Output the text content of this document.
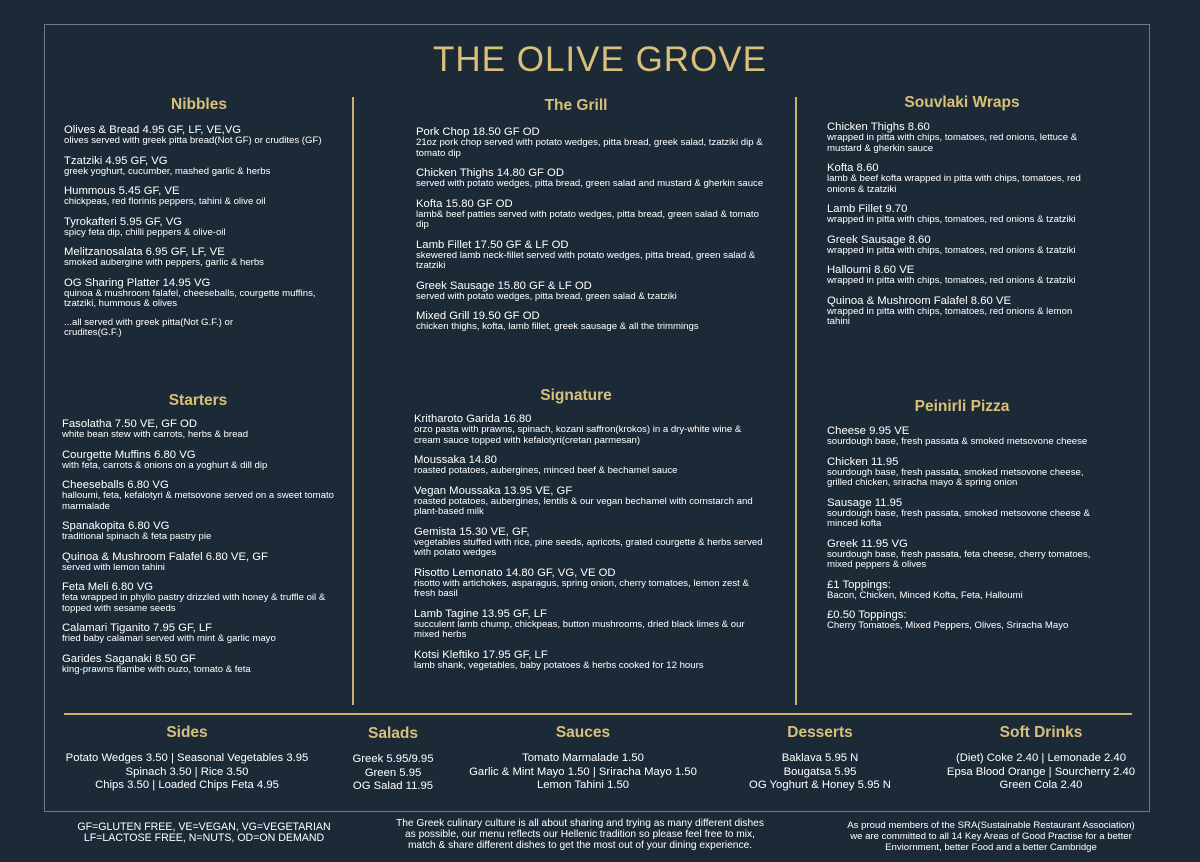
THE OLIVE GROVE
Nibbles
Olives & Bread 4.95 GF, LF, VE,VG
olives served with greek pitta bread(Not GF) or crudites (GF)
Tzatziki 4.95 GF, VG
greek yoghurt, cucumber, mashed garlic & herbs
Hummous 5.45 GF, VE
chickpeas, red florinis peppers, tahini & olive oil
Tyrokafteri 5.95 GF, VG
spicy feta dip, chilli peppers & olive-oil
Melitzanosalata 6.95 GF, LF, VE
smoked aubergine with peppers, garlic & herbs
OG Sharing Platter 14.95 VG
quinoa & mushroom falafel, cheeseballs, courgette muffins, tzatziki, hummous & olives
...all served with greek pitta(Not G.F.) or crudites(G.F.)
Starters
Fasolatha 7.50 VE, GF OD
white bean stew with carrots, herbs & bread
Courgette Muffins 6.80 VG
with feta, carrots & onions on a yoghurt & dill dip
Cheeseballs 6.80 VG
halloumi, feta, kefalotyri & metsovone served on a sweet tomato marmalade
Spanakopita 6.80 VG
traditional spinach & feta pastry pie
Quinoa & Mushroom Falafel 6.80 VE, GF
served with lemon tahini
Feta Meli 6.80 VG
feta wrapped in phyllo pastry drizzled with honey & truffle oil & topped with sesame seeds
Calamari Tiganito 7.95 GF, LF
fried baby calamari served with mint & garlic mayo
Garides Saganaki 8.50 GF
king-prawns flambe with ouzo, tomato & feta
The Grill
Pork Chop 18.50 GF OD
21oz pork chop served with potato wedges, pitta bread, greek salad, tzatziki dip & tomato dip
Chicken Thighs 14.80 GF OD
served with potato wedges, pitta bread, green salad and mustard & gherkin sauce
Kofta 15.80 GF OD
lamb& beef patties served with potato wedges, pitta bread, green salad & tomato dip
Lamb Fillet 17.50 GF & LF OD
skewered lamb neck-fillet served with potato wedges, pitta bread, green salad & tzatziki
Greek Sausage 15.80 GF & LF OD
served with potato wedges, pitta bread, green salad & tzatziki
Mixed Grill 19.50 GF OD
chicken thighs, kofta, lamb fillet, greek sausage & all the trimmings
Signature
Kritharoto Garida 16.80
orzo pasta with prawns, spinach, kozani saffron(krokos) in a dry-white wine & cream sauce topped with kefalotyri(cretan parmesan)
Moussaka 14.80
roasted potatoes, aubergines, minced beef & bechamel sauce
Vegan Moussaka 13.95 VE, GF
roasted potatoes, aubergines, lentils & our vegan bechamel with cornstarch and plant-based milk
Gemista 15.30 VE, GF,
vegetables stuffed with rice, pine seeds, apricots, grated courgette & herbs served with potato wedges
Risotto Lemonato 14.80 GF, VG, VE OD
risotto with artichokes, asparagus, spring onion, cherry tomatoes, lemon zest & fresh basil
Lamb Tagine 13.95 GF, LF
succulent lamb chump, chickpeas, button mushrooms, dried black limes & our mixed herbs
Kotsi Kleftiko 17.95 GF, LF
lamb shank, vegetables, baby potatoes & herbs cooked for 12 hours
Souvlaki Wraps
Chicken Thighs 8.60
wrapped in pitta with chips, tomatoes, red onions, lettuce & mustard & gherkin sauce
Kofta 8.60
lamb & beef kofta wrapped in pitta with chips, tomatoes, red onions & tzatziki
Lamb Fillet 9.70
wrapped in pitta with chips, tomatoes, red onions & tzatziki
Greek Sausage 8.60
wrapped in pitta with chips, tomatoes, red onions & tzatziki
Halloumi 8.60 VE
wrapped in pitta with chips, tomatoes, red onions & tzatziki
Quinoa & Mushroom Falafel 8.60 VE
wrapped in pitta with chips, tomatoes, red onions & lemon tahini
Peinirli Pizza
Cheese 9.95 VE
sourdough base, fresh passata & smoked metsovone cheese
Chicken 11.95
sourdough base, fresh passata, smoked metsovone cheese, grilled chicken, sriracha mayo & spring onion
Sausage 11.95
sourdough base, fresh passata, smoked metsovone cheese & minced kofta
Greek 11.95 VG
sourdough base, fresh passata, feta cheese, cherry tomatoes, mixed peppers & olives
£1 Toppings:
Bacon, Chicken, Minced Kofta, Feta, Halloumi
£0.50 Toppings:
Cherry Tomatoes, Mixed Peppers, Olives, Sriracha Mayo
Sides
Potato Wedges 3.50 | Seasonal Vegetables 3.95
Spinach 3.50 | Rice 3.50
Chips 3.50 | Loaded Chips Feta 4.95
Salads
Greek 5.95/9.95
Green 5.95
OG Salad 11.95
Sauces
Tomato Marmalade 1.50
Garlic & Mint Mayo 1.50 | Sriracha Mayo 1.50
Lemon Tahini 1.50
Desserts
Baklava 5.95 N
Bougatsa 5.95
OG Yoghurt & Honey 5.95 N
Soft Drinks
(Diet) Coke 2.40 | Lemonade 2.40
Epsa Blood Orange | Sourcherry 2.40
Green Cola 2.40
GF=GLUTEN FREE, VE=VEGAN, VG=VEGETARIAN
LF=LACTOSE FREE, N=NUTS, OD=ON DEMAND
The Greek culinary culture is all about sharing and trying as many different dishes
as possible, our menu reflects our Hellenic tradition so please feel free to mix,
match & share different dishes to get the most out of your dining experience.
As proud members of the SRA(Sustainable Restaurant Association)
we are committed to all 14 Key Areas of Good Practise for a better
Enviornment, better Food and a better Cambridge
